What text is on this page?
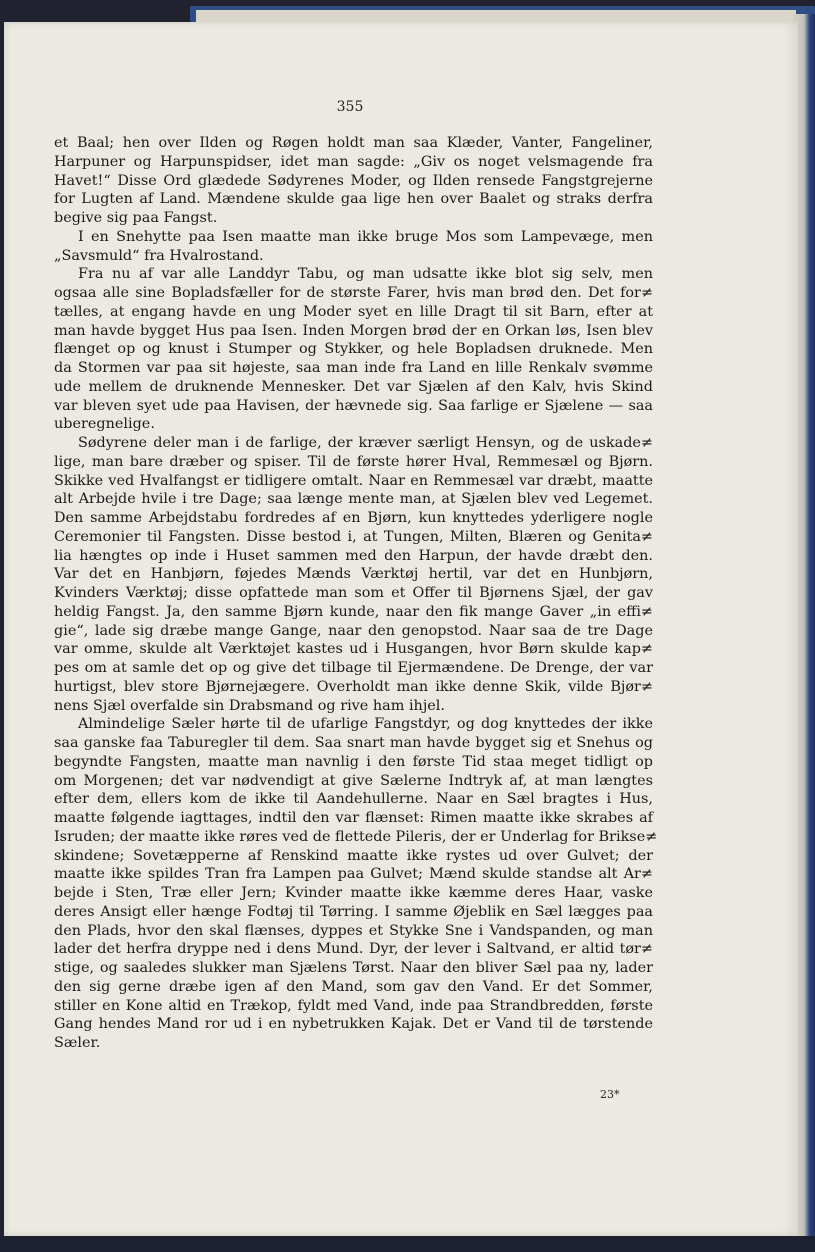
355
et Baal; hen over Ilden og Røgen holdt man saa Klæder, Vanter, Fangeliner,
Harpuner og Harpunspidser, idet man sagde: „Giv os noget velsmagende fra
Havet!“ Disse Ord glædede Sødyrenes Moder, og Ilden rensede Fangstgrejerne
for Lugten af Land. Mændene skulde gaa lige hen over Baalet og straks derfra
begive sig paa Fangst.
I en Snehytte paa Isen maatte man ikke bruge Mos som Lampevæge, men
„Savsmuld“ fra Hvalrostand.
Fra nu af var alle Landdyr Tabu, og man udsatte ikke blot sig selv, men
ogsaa alle sine Bopladsfæller for de største Farer, hvis man brød den. Det for≠
tælles, at engang havde en ung Moder syet en lille Dragt til sit Barn, efter at
man havde bygget Hus paa Isen. Inden Morgen brød der en Orkan løs, Isen blev
flænget op og knust i Stumper og Stykker, og hele Bopladsen druknede. Men
da Stormen var paa sit højeste, saa man inde fra Land en lille Renkalv svømme
ude mellem de druknende Mennesker. Det var Sjælen af den Kalv, hvis Skind
var bleven syet ude paa Havisen, der hævnede sig. Saa farlige er Sjælene — saa
uberegnelige.
Sødyrene deler man i de farlige, der kræver særligt Hensyn, og de uskade≠
lige, man bare dræber og spiser. Til de første hører Hval, Remmesæl og Bjørn.
Skikke ved Hvalfangst er tidligere omtalt. Naar en Remmesæl var dræbt, maatte
alt Arbejde hvile i tre Dage; saa længe mente man, at Sjælen blev ved Legemet.
Den samme Arbejdstabu fordredes af en Bjørn, kun knyttedes yderligere nogle
Ceremonier til Fangsten. Disse bestod i, at Tungen, Milten, Blæren og Genita≠
lia hængtes op inde i Huset sammen med den Harpun, der havde dræbt den.
Var det en Hanbjørn, føjedes Mænds Værktøj hertil, var det en Hunbjørn,
Kvinders Værktøj; disse opfattede man som et Offer til Bjørnens Sjæl, der gav
heldig Fangst. Ja, den samme Bjørn kunde, naar den fik mange Gaver „in effi≠
gie“, lade sig dræbe mange Gange, naar den genopstod. Naar saa de tre Dage
var omme, skulde alt Værktøjet kastes ud i Husgangen, hvor Børn skulde kap≠
pes om at samle det op og give det tilbage til Ejermændene. De Drenge, der var
hurtigst, blev store Bjørnejægere. Overholdt man ikke denne Skik, vilde Bjør≠
nens Sjæl overfalde sin Drabsmand og rive ham ihjel.
Almindelige Sæler hørte til de ufarlige Fangstdyr, og dog knyttedes der ikke
saa ganske faa Taburegler til dem. Saa snart man havde bygget sig et Snehus og
begyndte Fangsten, maatte man navnlig i den første Tid staa meget tidligt op
om Morgenen; det var nødvendigt at give Sælerne Indtryk af, at man længtes
efter dem, ellers kom de ikke til Aandehullerne. Naar en Sæl bragtes i Hus,
maatte følgende iagttages, indtil den var flænset: Rimen maatte ikke skrabes af
Isruden; der maatte ikke røres ved de flettede Pileris, der er Underlag for Brikse≠
skindene; Sovetæpperne af Renskind maatte ikke rystes ud over Gulvet; der
maatte ikke spildes Tran fra Lampen paa Gulvet; Mænd skulde standse alt Ar≠
bejde i Sten, Træ eller Jern; Kvinder maatte ikke kæmme deres Haar, vaske
deres Ansigt eller hænge Fodtøj til Tørring. I samme Øjeblik en Sæl lægges paa
den Plads, hvor den skal flænses, dyppes et Stykke Sne i Vandspanden, og man
lader det herfra dryppe ned i dens Mund. Dyr, der lever i Saltvand, er altid tør≠
stige, og saaledes slukker man Sjælens Tørst. Naar den bliver Sæl paa ny, lader
den sig gerne dræbe igen af den Mand, som gav den Vand. Er det Sommer,
stiller en Kone altid en Trækop, fyldt med Vand, inde paa Strandbredden, første
Gang hendes Mand ror ud i en nybetrukken Kajak. Det er Vand til de tørstende
Sæler.
23*
